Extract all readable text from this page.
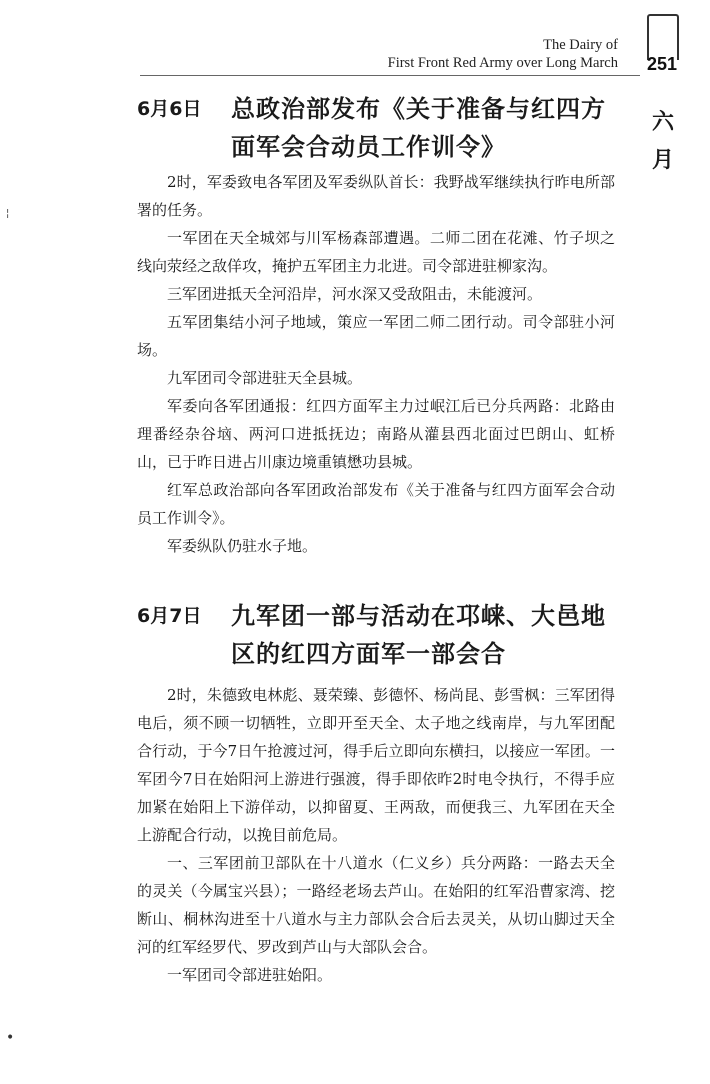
The Dairy of
First Front Red Army over Long March	251
六
月
6月6日 总政治部发布《关于准备与红四方面军会合动员工作训令》

2时，军委致电各军团及军委纵队首长：我野战军继续执行昨电所部署的任务。

一军团在天全城郊与川军杨森部遭遇。二师二团在花滩、竹子坝之线向荥经之敌佯攻，掩护五军团主力北进。司令部进驻柳家沟。

三军团进抵天全河沿岸，河水深又受敌阻击，未能渡河。

五军团集结小河子地域，策应一军团二师二团行动。司令部驻小河场。

九军团司令部进驻天全县城。

军委向各军团通报：红四方面军主力过岷江后已分兵两路：北路由理番经杂谷垴、两河口进抵抚边；南路从灌县西北面过巴朗山、虹桥山，已于昨日进占川康边境重镇懋功县城。

红军总政治部向各军团政治部发布《关于准备与红四方面军会合动员工作训令》。

军委纵队仍驻水子地。

6月7日 九军团一部与活动在邛崃、大邑地区的红四方面军一部会合

2时，朱德致电林彪、聂荣臻、彭德怀、杨尚昆、彭雪枫：三军团得电后，须不顾一切牺牲，立即开至天全、太子地之线南岸，与九军团配合行动，于今7日午抢渡过河，得手后立即向东横扫，以接应一军团。一军团今7日在始阳河上游进行强渡，得手即依昨2时电令执行，不得手应加紧在始阳上下游佯动，以抑留夏、王两敌，而便我三、九军团在天全上游配合行动，以挽目前危局。

一、三军团前卫部队在十八道水（仁义乡）兵分两路：一路去天全的灵关（今属宝兴县）；一路经老场去芦山。在始阳的红军沿曹家湾、挖断山、桐林沟进至十八道水与主力部队会合后去灵关，从切山脚过天全河的红军经罗代、罗改到芦山与大部队会合。

一军团司令部进驻始阳。

¦
•
